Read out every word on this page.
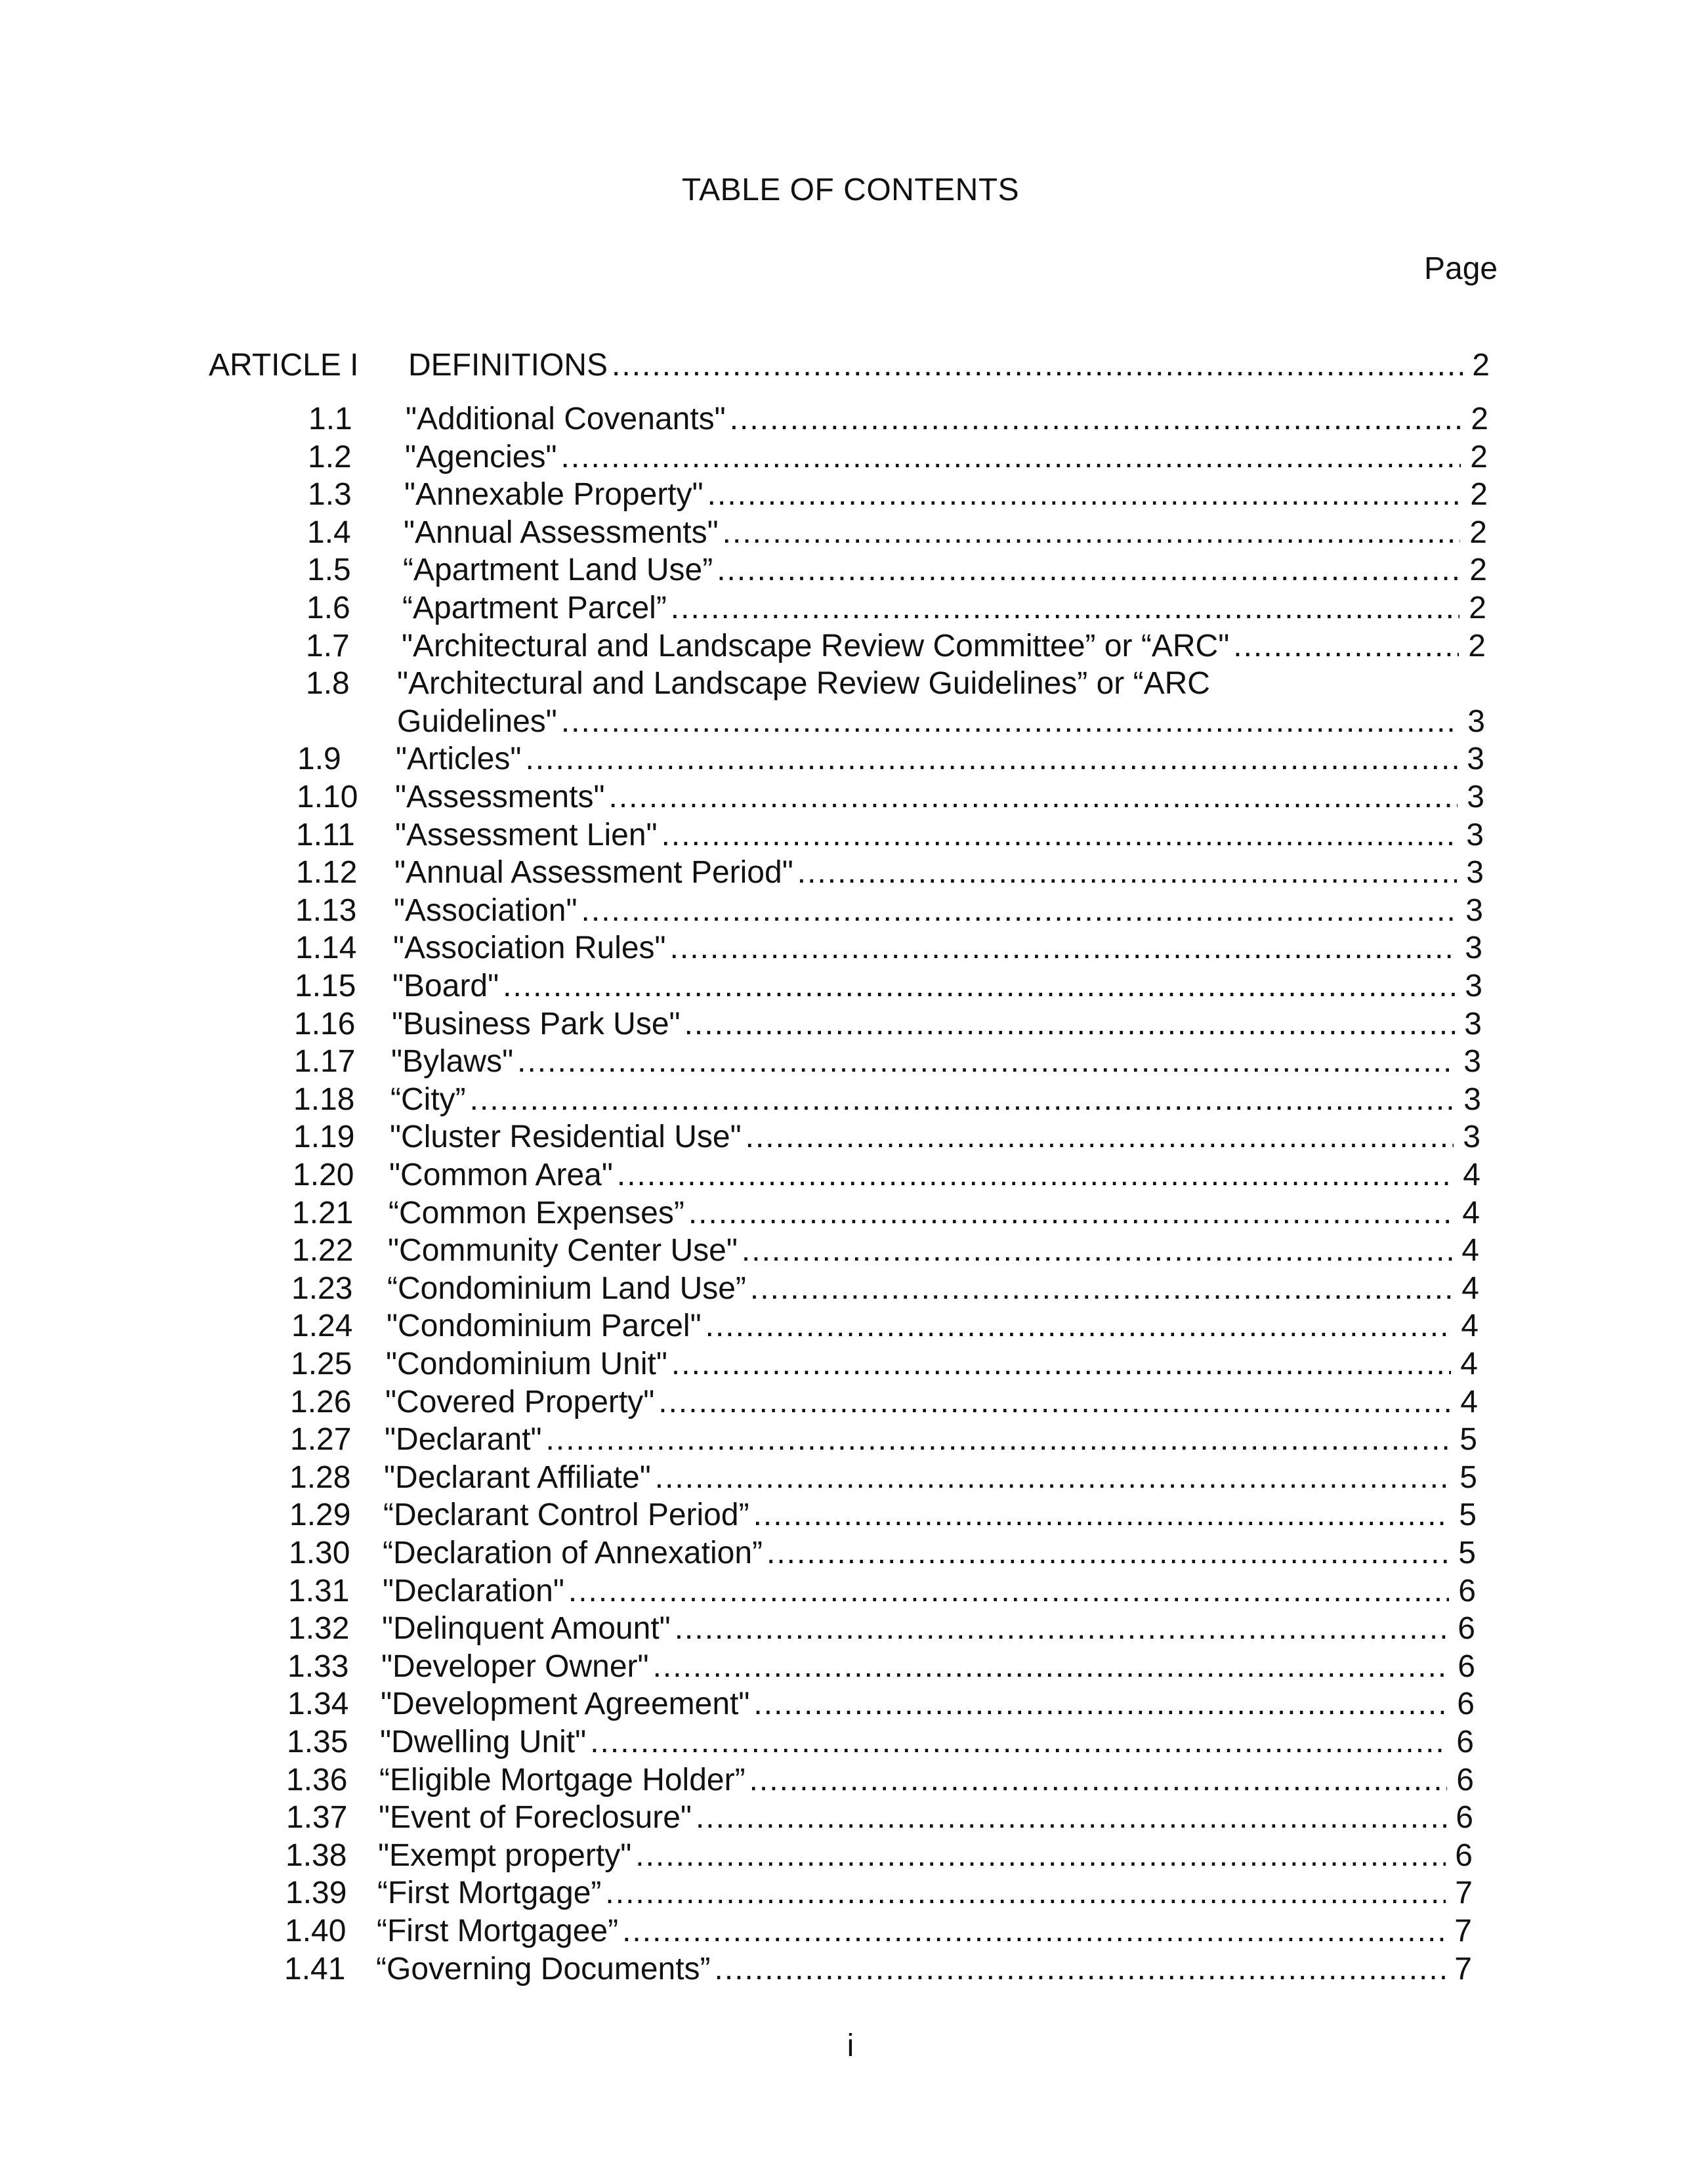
TABLE OF CONTENTS
Page
ARTICLE I DEFINITIONS .....	2
1.1 "Additional Covenants" .....	2
1.2 "Agencies" .....	2
1.3 "Annexable Property" .....	2
1.4 "Annual Assessments" .....	2
1.5 “Apartment Land Use” .....	2
1.6 “Apartment Parcel” .....	2
1.7 "Architectural and Landscape Review Committee” or “ARC" .....	2
1.8 "Architectural and Landscape Review Guidelines” or “ARC
Guidelines" .....	3
1.9 "Articles" .....	3
1.10 "Assessments" .....	3
1.11 "Assessment Lien" .....	3
1.12 "Annual Assessment Period" .....	3
1.13 "Association" .....	3
1.14 "Association Rules" .....	3
1.15 "Board" .....	3
1.16 "Business Park Use" .....	3
1.17 "Bylaws" .....	3
1.18 “City” .....	3
1.19 "Cluster Residential Use" .....	3
1.20 "Common Area" .....	4
1.21 “Common Expenses” .....	4
1.22 "Community Center Use" .....	4
1.23 “Condominium Land Use” .....	4
1.24 "Condominium Parcel" .....	4
1.25 "Condominium Unit" .....	4
1.26 "Covered Property" .....	4
1.27 "Declarant" .....	5
1.28 "Declarant Affiliate" .....	5
1.29 “Declarant Control Period” .....	5
1.30 “Declaration of Annexation” .....	5
1.31 "Declaration" .....	6
1.32 "Delinquent Amount" .....	6
1.33 "Developer Owner" .....	6
1.34 "Development Agreement" .....	6
1.35 "Dwelling Unit" .....	6
1.36 “Eligible Mortgage Holder” .....	6
1.37 "Event of Foreclosure" .....	6
1.38 "Exempt property" .....	6
1.39 “First Mortgage” .....	7
1.40 “First Mortgagee” .....	7
1.41 “Governing Documents” .....	7
i
